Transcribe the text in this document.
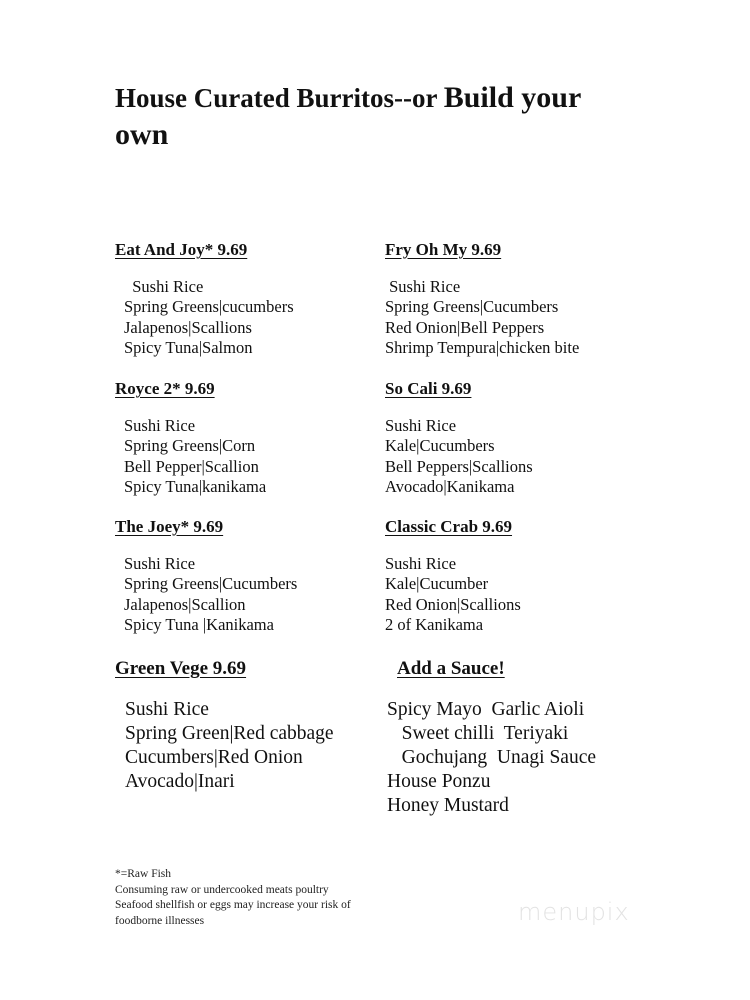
House Curated Burritos--or Build your own
Eat And Joy* 9.69
Sushi Rice
Spring Greens|cucumbers
Jalapenos|Scallions
Spicy Tuna|Salmon
Fry Oh My 9.69
Sushi Rice
Spring Greens|Cucumbers
Red Onion|Bell Peppers
Shrimp Tempura|chicken bite
Royce 2* 9.69
Sushi Rice
Spring Greens|Corn
Bell Pepper|Scallion
Spicy Tuna|kanikama
So Cali 9.69
Sushi Rice
Kale|Cucumbers
Bell Peppers|Scallions
Avocado|Kanikama
The Joey* 9.69
Sushi Rice
Spring Greens|Cucumbers
Jalapenos|Scallion
Spicy Tuna |Kanikama
Classic Crab 9.69
Sushi Rice
Kale|Cucumber
Red Onion|Scallions
2 of Kanikama
Green Vege 9.69
Sushi Rice
Spring Green|Red cabbage
Cucumbers|Red Onion
Avocado|Inari
Add a Sauce!
Spicy Mayo  Garlic Aioli
Sweet chilli  Teriyaki
Gochujang  Unagi Sauce
House Ponzu
Honey Mustard
*=Raw Fish
Consuming raw or undercooked meats poultry
Seafood shellfish or eggs may increase your risk of
foodborne illnesses	menupix
